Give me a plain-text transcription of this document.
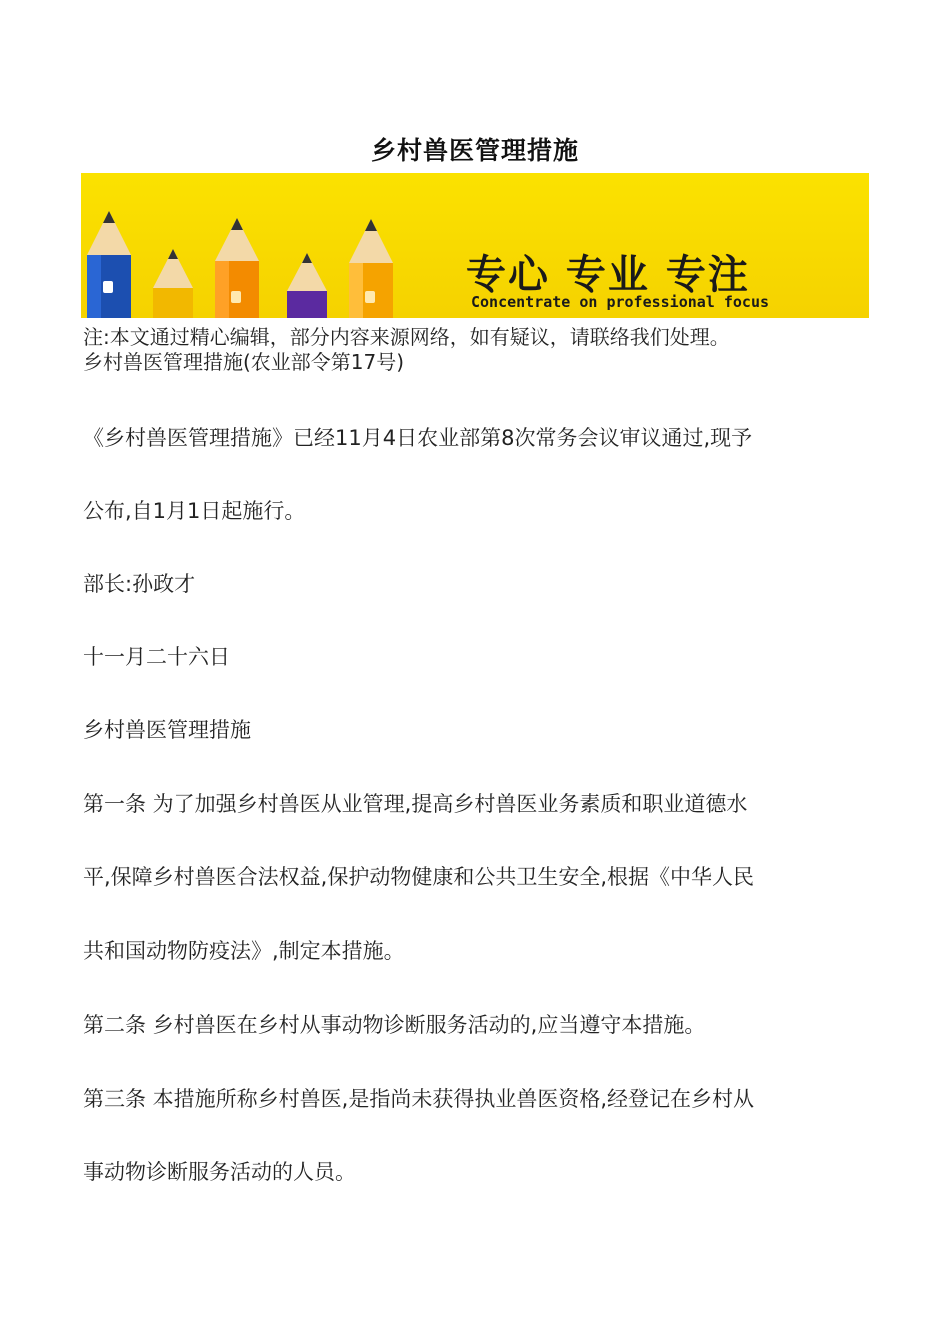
乡村兽医管理措施
专心 专业 专注
Concentrate on professional focus
注:本文通过精心编辑，部分内容来源网络，如有疑议，请联络我们处理。
乡村兽医管理措施(农业部令第17号)
《乡村兽医管理措施》已经11月4日农业部第8次常务会议审议通过,现予
公布,自1月1日起施行。
部长:孙政才
十一月二十六日
乡村兽医管理措施
第一条 为了加强乡村兽医从业管理,提高乡村兽医业务素质和职业道德水
平,保障乡村兽医合法权益,保护动物健康和公共卫生安全,根据《中华人民
共和国动物防疫法》,制定本措施。
第二条 乡村兽医在乡村从事动物诊断服务活动的,应当遵守本措施。
第三条 本措施所称乡村兽医,是指尚未获得执业兽医资格,经登记在乡村从
事动物诊断服务活动的人员。
